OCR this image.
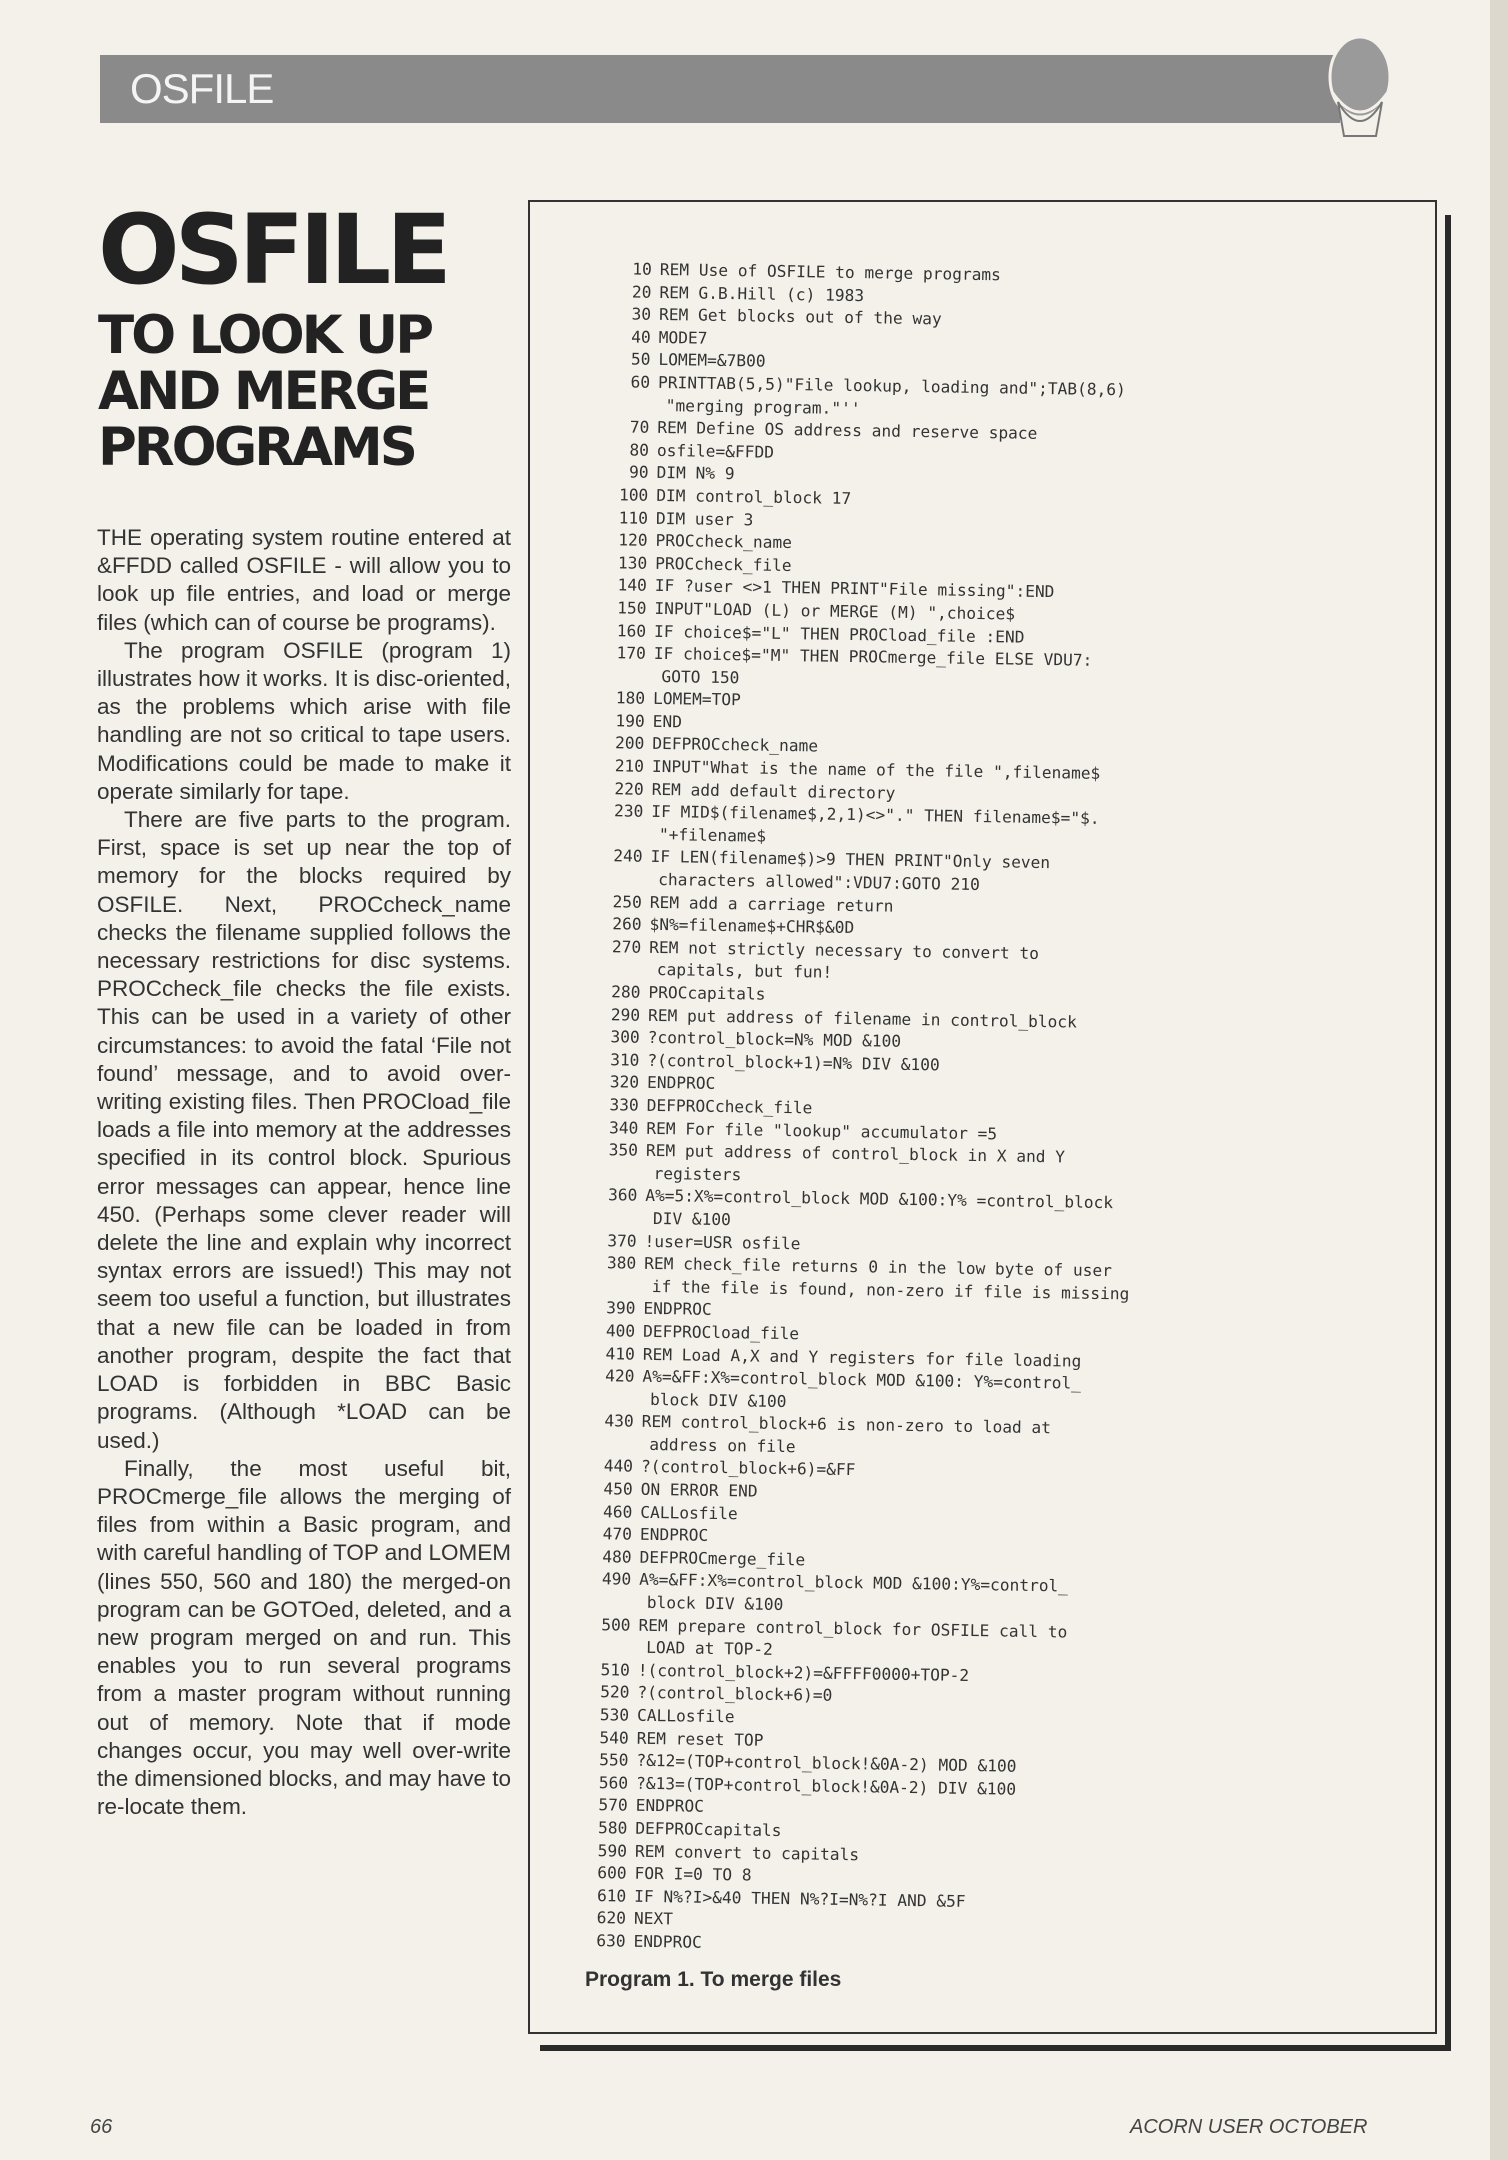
OSFILE
OSFILE
TO LOOK UP
AND MERGE
PROGRAMS

THE operating system routine entered at &FFDD called OSFILE - will allow you to look up file entries, and load or merge files (which can of course be programs).

The program OSFILE (program 1) illustrates how it works. It is disc-oriented, as the problems which arise with file handling are not so critical to tape users. Modifications could be made to make it operate similarly for tape.

There are five parts to the program. First, space is set up near the top of memory for the blocks required by OSFILE. Next, PROCcheck_name checks the filename supplied follows the necessary restrictions for disc systems. PROCcheck_file checks the file exists. This can be used in a variety of other circumstances: to avoid the fatal ‘File not found’ message, and to avoid over-writing existing files. Then PROCload_file loads a file into memory at the addresses specified in its control block. Spurious error messages can appear, hence line 450. (Perhaps some clever reader will delete the line and explain why incorrect syntax errors are issued!) This may not seem too useful a function, but illustrates that a new file can be loaded in from another program, despite the fact that LOAD is forbidden in BBC Basic programs. (Although *LOAD can be used.)

Finally, the most useful bit, PROCmerge_file allows the merging of files from within a Basic program, and with careful handling of TOP and LOMEM (lines 550, 560 and 180) the merged-on program can be GOTOed, deleted, and a new program merged on and run. This enables you to run several programs from a master program without running out of memory. Note that if mode changes occur, you may well over-write the dimensioned blocks, and may have to re-locate them.

10 REM Use of OSFILE to merge programs
20 REM G.B.Hill (c) 1983
30 REM Get blocks out of the way
40 MODE7
50 LOMEM=&7B00
60 PRINTTAB(5,5)"File lookup, loading and";TAB(8,6)
"merging program."''
70 REM Define OS address and reserve space
80 osfile=&FFDD
90 DIM N% 9
100 DIM control_block 17
110 DIM user 3
120 PROCcheck_name
130 PROCcheck_file
140 IF ?user <>1 THEN PRINT"File missing":END
150 INPUT"LOAD (L) or MERGE (M) ",choice$
160 IF choice$="L" THEN PROCload_file :END
170 IF choice$="M" THEN PROCmerge_file ELSE VDU7:
GOTO 150
180 LOMEM=TOP
190 END
200 DEFPROCcheck_name
210 INPUT"What is the name of the file ",filename$
220 REM add default directory
230 IF MID$(filename$,2,1)<>"." THEN filename$="$.
"+filename$
240 IF LEN(filename$)>9 THEN PRINT"Only seven
characters allowed":VDU7:GOTO 210
250 REM add a carriage return
260 $N%=filename$+CHR$&0D
270 REM not strictly necessary to convert to
capitals, but fun!
280 PROCcapitals
290 REM put address of filename in control_block
300 ?control_block=N% MOD &100
310 ?(control_block+1)=N% DIV &100
320 ENDPROC
330 DEFPROCcheck_file
340 REM For file "lookup" accumulator =5
350 REM put address of control_block in X and Y
registers
360 A%=5:X%=control_block MOD &100:Y% =control_block
DIV &100
370 !user=USR osfile
380 REM check_file returns 0 in the low byte of user
if the file is found, non-zero if file is missing
390 ENDPROC
400 DEFPROCload_file
410 REM Load A,X and Y registers for file loading
420 A%=&FF:X%=control_block MOD &100: Y%=control_
block DIV &100
430 REM control_block+6 is non-zero to load at
address on file
440 ?(control_block+6)=&FF
450 ON ERROR END
460 CALLosfile
470 ENDPROC
480 DEFPROCmerge_file
490 A%=&FF:X%=control_block MOD &100:Y%=control_
block DIV &100
500 REM prepare control_block for OSFILE call to
LOAD at TOP-2
510 !(control_block+2)=&FFFF0000+TOP-2
520 ?(control_block+6)=0
530 CALLosfile
540 REM reset TOP
550 ?&12=(TOP+control_block!&0A-2) MOD &100
560 ?&13=(TOP+control_block!&0A-2) DIV &100
570 ENDPROC
580 DEFPROCcapitals
590 REM convert to capitals
600 FOR I=0 TO 8
610 IF N%?I>&40 THEN N%?I=N%?I AND &5F
620 NEXT
630 ENDPROC
Program 1. To merge files
66	ACORN USER OCTOBER
